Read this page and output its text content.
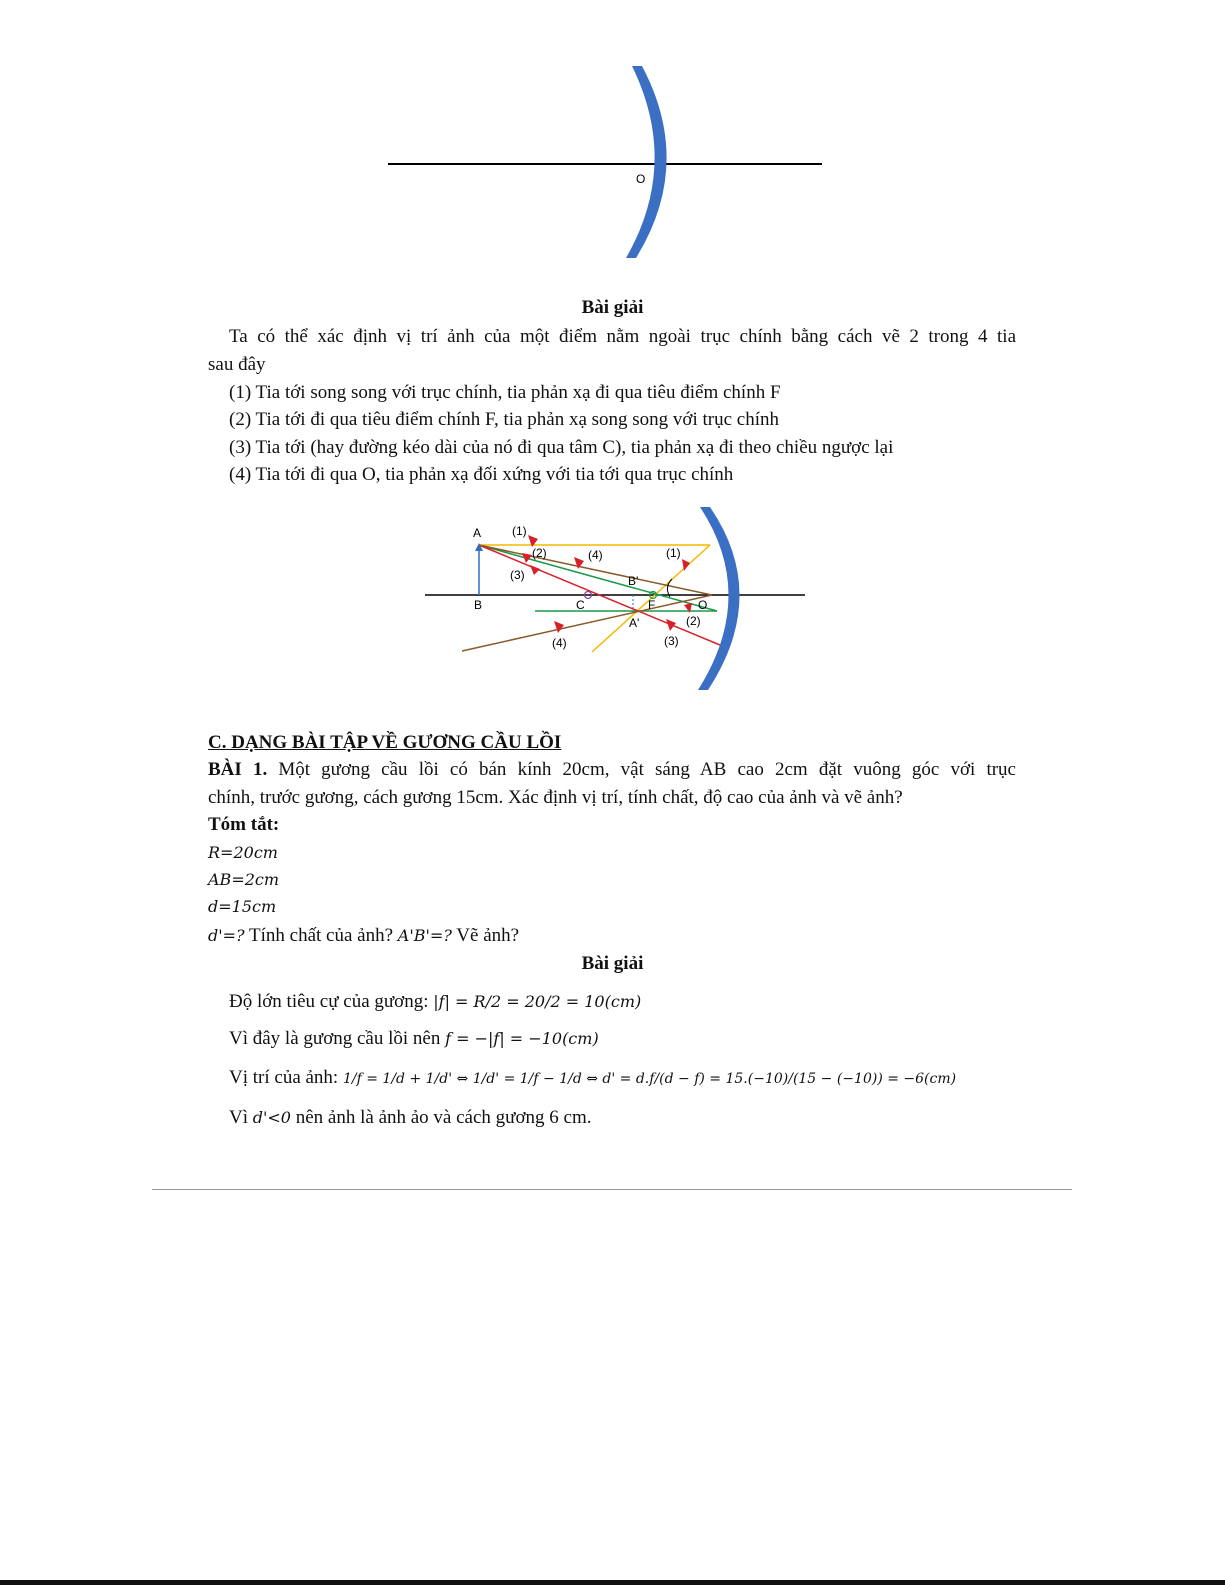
O
Bài giải
Ta có thể xác định vị trí ảnh của một điểm nằm ngoài trục chính bằng cách vẽ 2 trong 4 tia
sau đây
(1) Tia tới song song với trục chính, tia phản xạ đi qua tiêu điểm chính F
(2) Tia tới đi qua tiêu điểm chính F, tia phản xạ song song với trục chính
(3) Tia tới (hay đường kéo dài của nó đi qua tâm C), tia phản xạ đi theo chiều ngược lại
(4) Tia tới đi qua O, tia phản xạ đối xứng với tia tới qua trục chính
A
B	C	F	O
A'
B'
(1)
(2)	(4)
(3)
(1)
(2)
(3)
(4)
C. DẠNG BÀI TẬP VỀ GƯƠNG CẦU LỒI
BÀI 1. Một gương cầu lồi có bán kính 20cm, vật sáng AB cao 2cm đặt vuông góc với trục
chính, trước gương, cách gương 15cm. Xác định vị trí, tính chất, độ cao của ảnh và vẽ ảnh?
Tóm tắt:
R=20cm
AB=2cm
d=15cm
d'=? Tính chất của ảnh? A'B'=? Vẽ ảnh?
Bài giải
Độ lớn tiêu cự của gương: |f| = R/2 = 20/2 = 10(cm)
Vì đây là gương cầu lồi nên f = −|f| = −10(cm)
Vị trí của ảnh: 1/f = 1/d + 1/d' ⇔ 1/d' = 1/f − 1/d ⇔ d' = d.f/(d − f) = 15.(−10)/(15 − (−10)) = −6(cm)
Vì d'<0 nên ảnh là ảnh ảo và cách gương 6 cm.
